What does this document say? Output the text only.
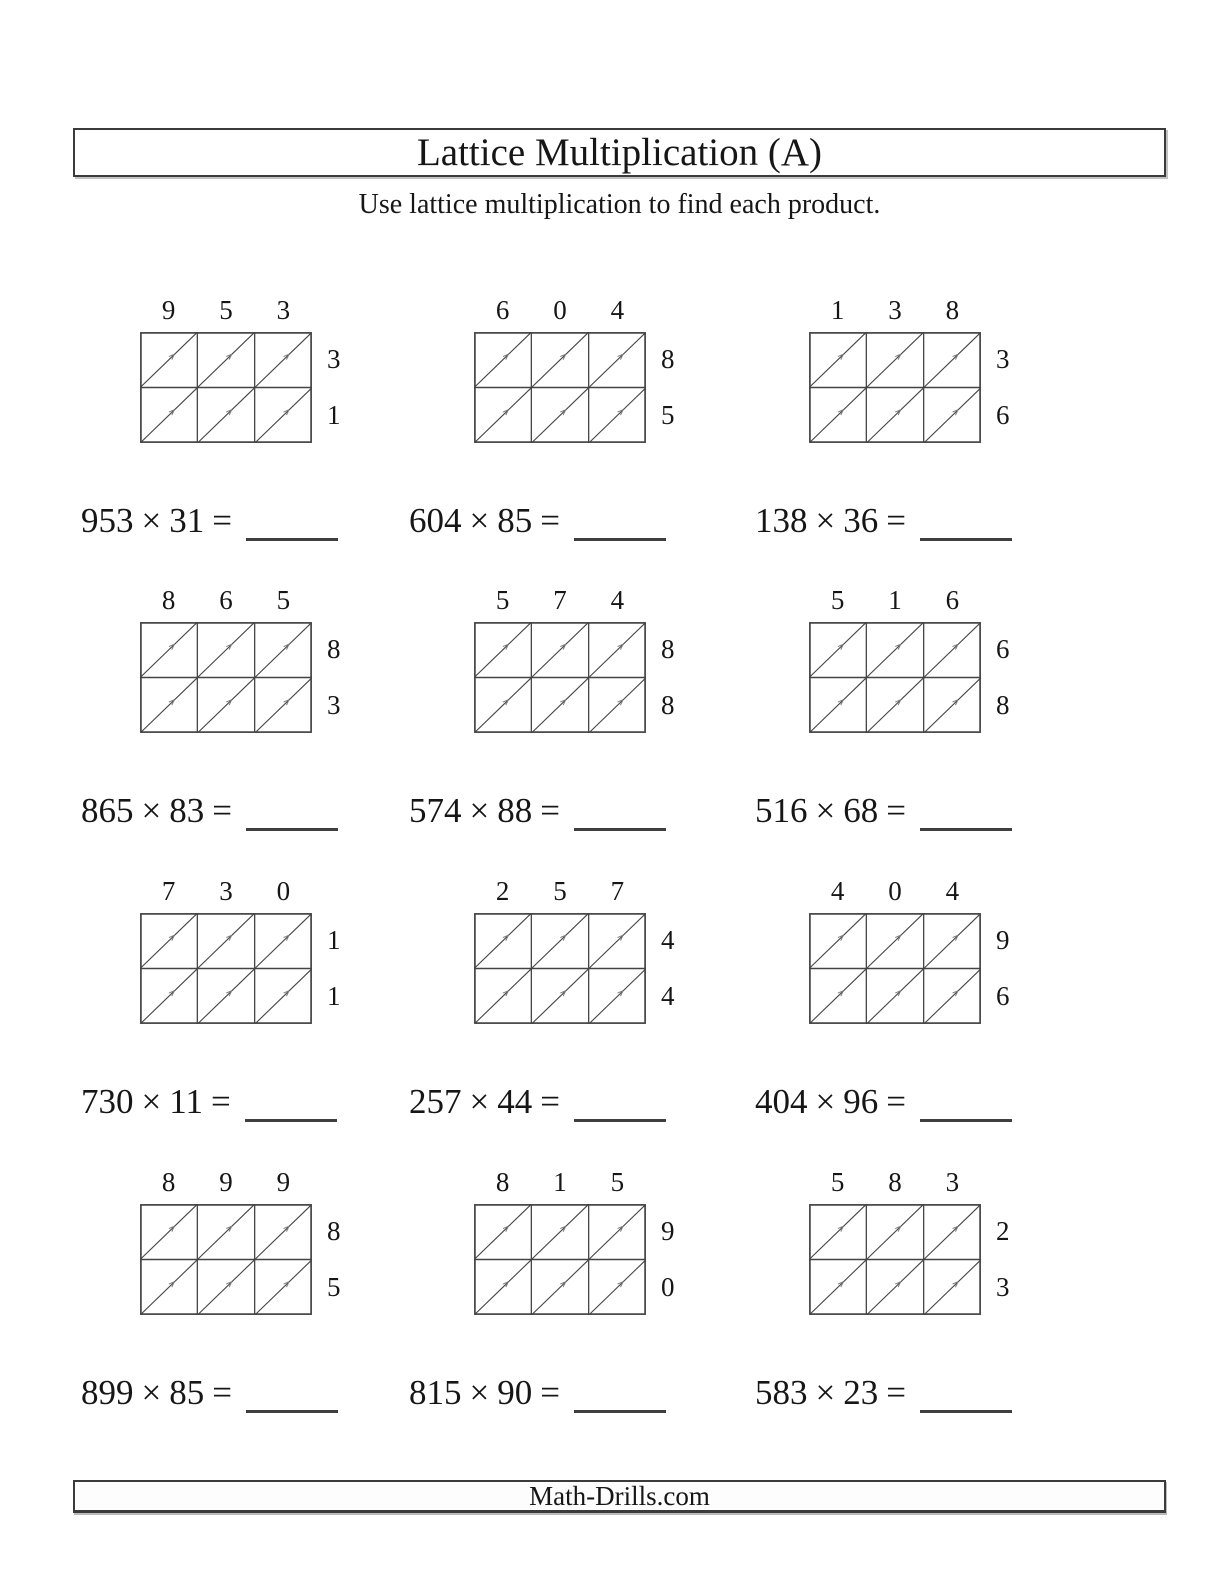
Lattice Multiplication (A)
Use lattice multiplication to find each product.
9	5	3
3
1
953 × 31 =
6	0	4
8
5
604 × 85 =
1	3	8
3
6
138 × 36 =
8	6	5
8
3
865 × 83 =
5	7	4
8
8
574 × 88 =
5	1	6
6
8
516 × 68 =
7	3	0
1
1
730 × 11 =
2	5	7
4
4
257 × 44 =
4	0	4
9
6
404 × 96 =
8	9	9
8
5
899 × 85 =
8	1	5
9
0
815 × 90 =
5	8	3
2
3
583 × 23 =
Math-Drills.com
